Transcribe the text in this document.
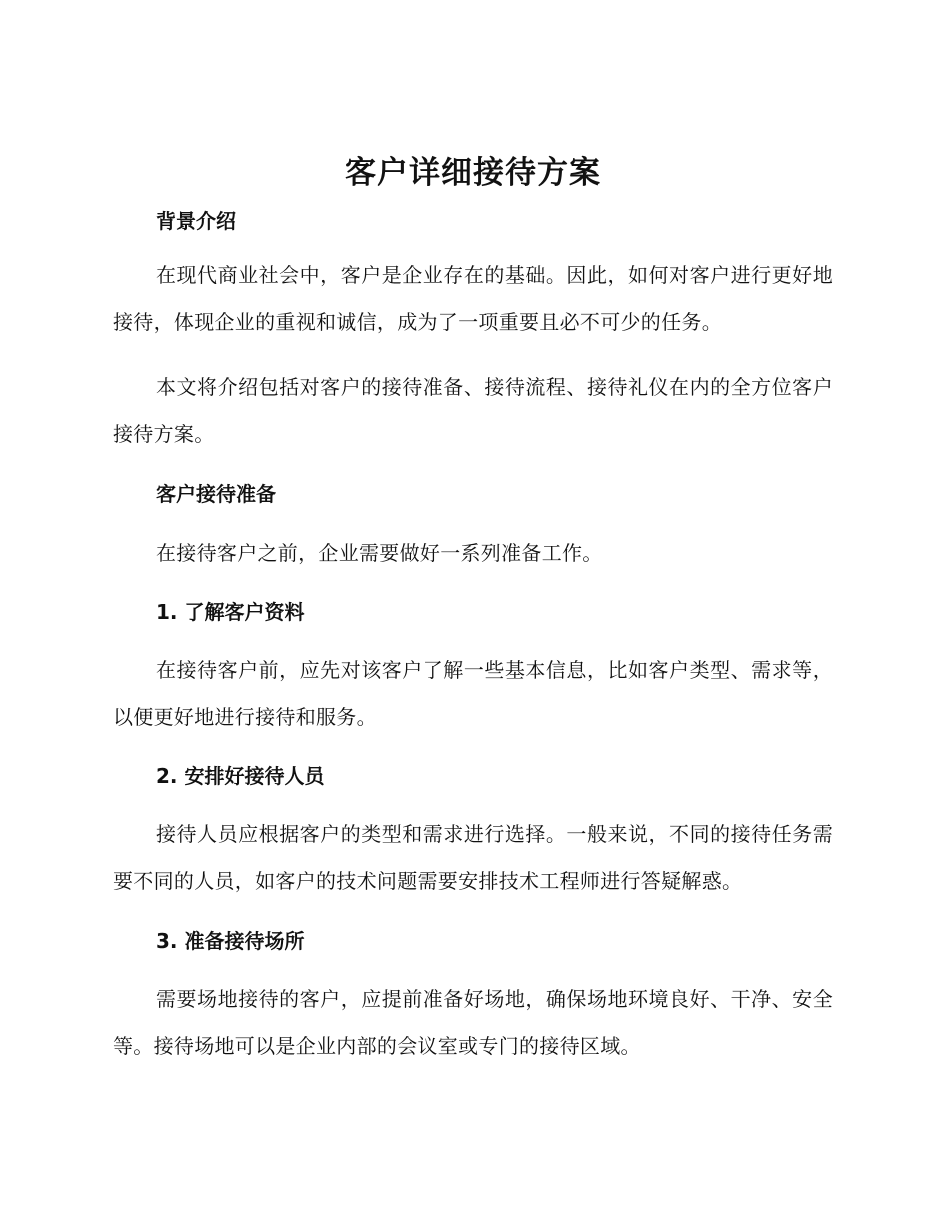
客户详细接待方案
背景介绍

在现代商业社会中，客户是企业存在的基础。因此，如何对客户进行更好地接待，体现企业的重视和诚信，成为了一项重要且必不可少的任务。

本文将介绍包括对客户的接待准备、接待流程、接待礼仪在内的全方位客户接待方案。

客户接待准备

在接待客户之前，企业需要做好一系列准备工作。

1. 了解客户资料

在接待客户前，应先对该客户了解一些基本信息，比如客户类型、需求等，以便更好地进行接待和服务。

2. 安排好接待人员

接待人员应根据客户的类型和需求进行选择。一般来说，不同的接待任务需要不同的人员，如客户的技术问题需要安排技术工程师进行答疑解惑。

3. 准备接待场所

需要场地接待的客户，应提前准备好场地，确保场地环境良好、干净、安全等。接待场地可以是企业内部的会议室或专门的接待区域。
